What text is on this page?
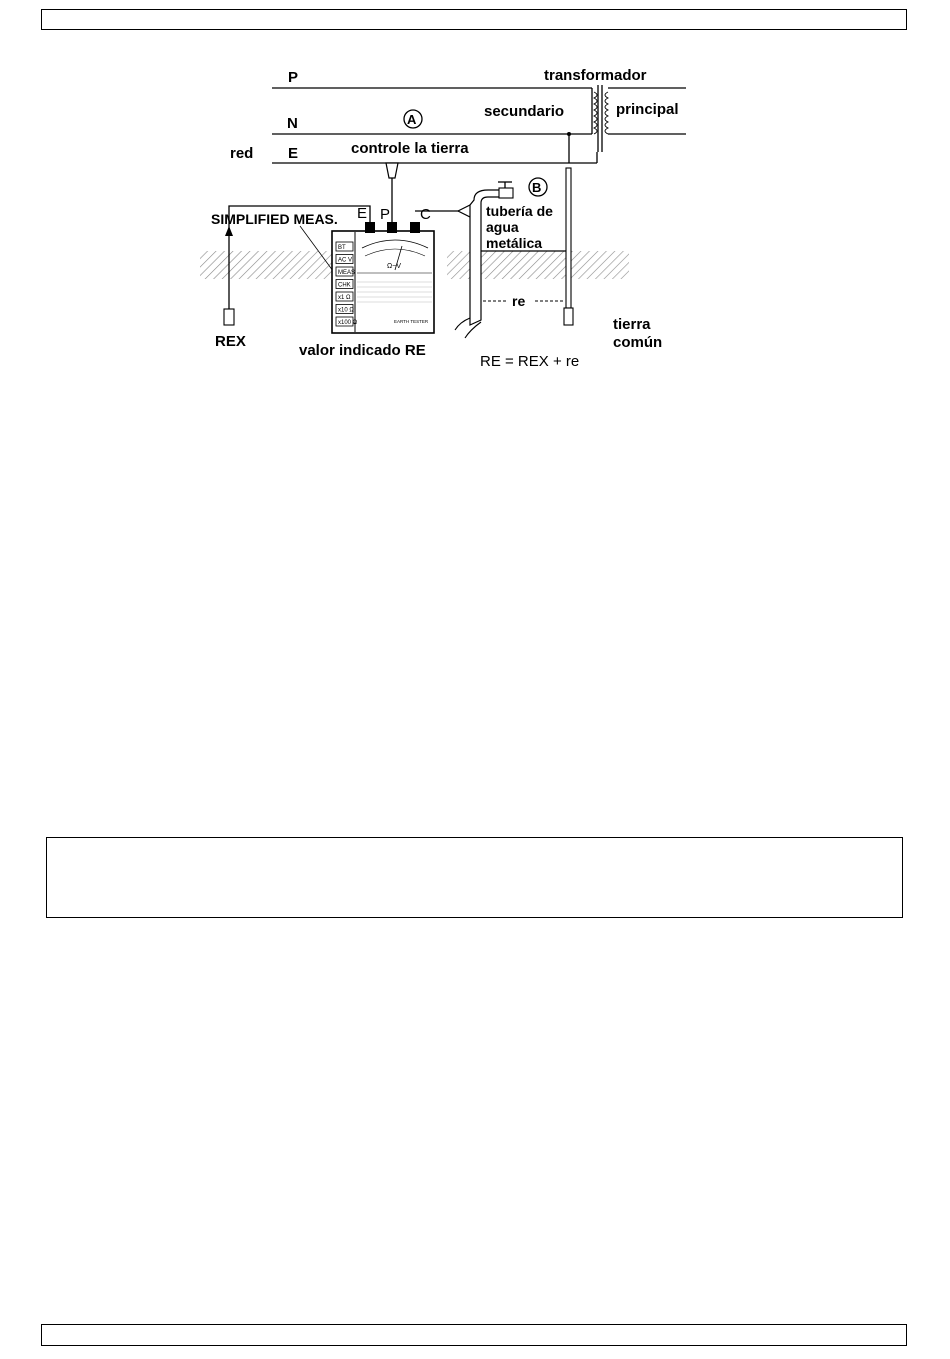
P
N
E
red
transformador
secundario	principal
A
B
controle la tierra
SIMPLIFIED MEAS. E P C	tubería de
agua
metálica
re
REX
valor indicado RE
RE = REX + re
tierra
común
BT
AC V
MEAS
CHK
x1 Ω
x10 Ω
x100 Ω
Ω~V
EARTH TESTER
